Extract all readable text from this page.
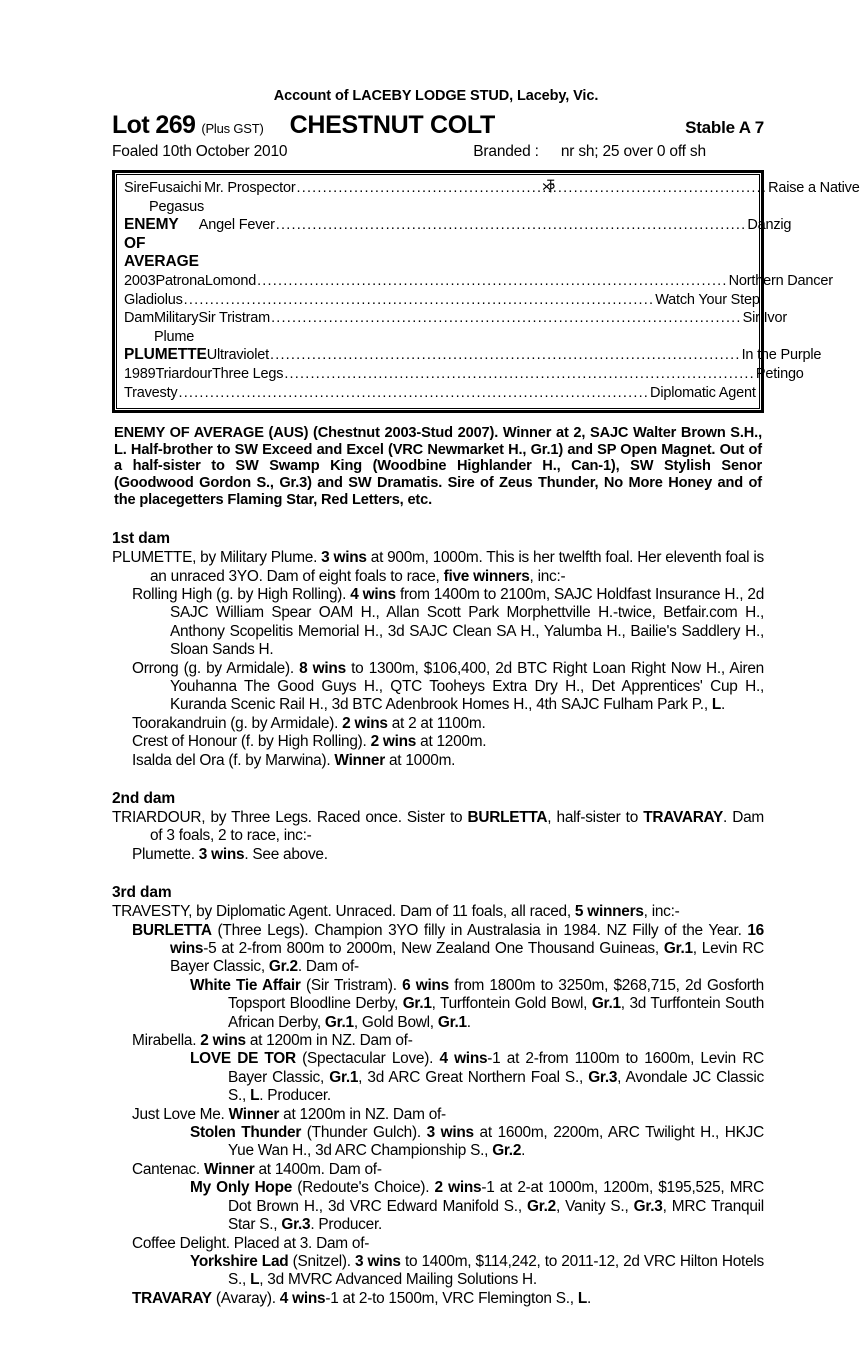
Account of LACEBY LODGE STUD, Laceby, Vic.
Lot 269 (Plus GST) CHESTNUT COLT	Stable A 7
Foaled 10th October 2010	Branded :

nr sh; 25 over 0 off sh
Sire Fusaichi Pegasus
Mr. Prospector .......................................................................................... Raise a Native
ENEMY OF AVERAGE
Angel Fever .......................................................................................... Danzig
2003 Patrona Lomond .......................................................................................... Northern Dancer
Gladiolus .......................................................................................... Watch Your Step
Dam Military Plume
Sir Tristram .......................................................................................... Sir Ivor
PLUMETTE Ultraviolet .......................................................................................... In the Purple
1989 Triardour Three Legs .......................................................................................... Petingo
Travesty .......................................................................................... Diplomatic Agent
ENEMY OF AVERAGE (AUS) (Chestnut 2003-Stud 2007). Winner at 2, SAJC Walter Brown S.H., L. Half-brother to SW Exceed and Excel (VRC Newmarket H., Gr.1) and SP Open Magnet. Out of a half-sister to SW Swamp King (Woodbine Highlander H., Can-1), SW Stylish Senor (Goodwood Gordon S., Gr.3) and SW Dramatis. Sire of Zeus Thunder, No More Honey and of the placegetters Flaming Star, Red Letters, etc.
1st dam
PLUMETTE, by Military Plume. 3 wins at 900m, 1000m. This is her twelfth foal. Her eleventh foal is an unraced 3YO. Dam of eight foals to race, five winners, inc:-
Rolling High (g. by High Rolling). 4 wins from 1400m to 2100m, SAJC Holdfast Insurance H., 2d SAJC William Spear OAM H., Allan Scott Park Morphettville H.-twice, Betfair.com H., Anthony Scopelitis Memorial H., 3d SAJC Clean SA H., Yalumba H., Bailie's Saddlery H., Sloan Sands H.
Orrong (g. by Armidale). 8 wins to 1300m, $106,400, 2d BTC Right Loan Right Now H., Airen Youhanna The Good Guys H., QTC Tooheys Extra Dry H., Det Apprentices' Cup H., Kuranda Scenic Rail H., 3d BTC Adenbrook Homes H., 4th SAJC Fulham Park P., L.
Toorakandruin (g. by Armidale). 2 wins at 2 at 1100m.
Crest of Honour (f. by High Rolling). 2 wins at 1200m.
Isalda del Ora (f. by Marwina). Winner at 1000m.
2nd dam
TRIARDOUR, by Three Legs. Raced once. Sister to BURLETTA, half-sister to TRAVARAY. Dam of 3 foals, 2 to race, inc:-
Plumette. 3 wins. See above.
3rd dam
TRAVESTY, by Diplomatic Agent. Unraced. Dam of 11 foals, all raced, 5 winners, inc:-
BURLETTA (Three Legs). Champion 3YO filly in Australasia in 1984. NZ Filly of the Year. 16 wins-5 at 2-from 800m to 2000m, New Zealand One Thousand Guineas, Gr.1, Levin RC Bayer Classic, Gr.2. Dam of-
White Tie Affair (Sir Tristram). 6 wins from 1800m to 3250m, $268,715, 2d Gosforth Topsport Bloodline Derby, Gr.1, Turffontein Gold Bowl, Gr.1, 3d Turffontein South African Derby, Gr.1, Gold Bowl, Gr.1.
Mirabella. 2 wins at 1200m in NZ. Dam of-
LOVE DE TOR (Spectacular Love). 4 wins-1 at 2-from 1100m to 1600m, Levin RC Bayer Classic, Gr.1, 3d ARC Great Northern Foal S., Gr.3, Avondale JC Classic S., L. Producer.
Just Love Me. Winner at 1200m in NZ. Dam of-
Stolen Thunder (Thunder Gulch). 3 wins at 1600m, 2200m, ARC Twilight H., HKJC Yue Wan H., 3d ARC Championship S., Gr.2.
Cantenac. Winner at 1400m. Dam of-
My Only Hope (Redoute's Choice). 2 wins-1 at 2-at 1000m, 1200m, $195,525, MRC Dot Brown H., 3d VRC Edward Manifold S., Gr.2, Vanity S., Gr.3, MRC Tranquil Star S., Gr.3. Producer.
Coffee Delight. Placed at 3. Dam of-
Yorkshire Lad (Snitzel). 3 wins to 1400m, $114,242, to 2011-12, 2d VRC Hilton Hotels S., L, 3d MVRC Advanced Mailing Solutions H.
TRAVARAY (Avaray). 4 wins-1 at 2-to 1500m, VRC Flemington S., L.
